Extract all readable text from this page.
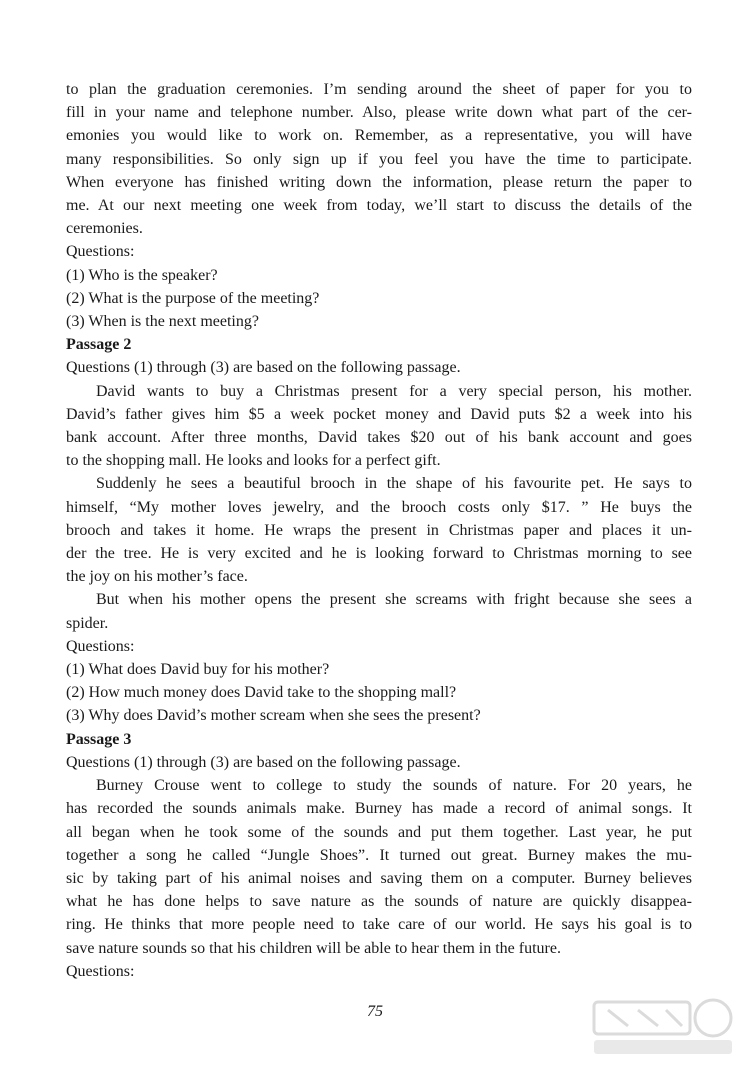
to plan the graduation ceremonies. I’m sending around the sheet of paper for you to
fill in your name and telephone number. Also, please write down what part of the cer-
emonies you would like to work on. Remember, as a representative, you will have
many responsibilities. So only sign up if you feel you have the time to participate.
When everyone has finished writing down the information, please return the paper to
me. At our next meeting one week from today, we’ll start to discuss the details of the
ceremonies.
Questions:
(1) Who is the speaker?
(2) What is the purpose of the meeting?
(3) When is the next meeting?
Passage 2
Questions (1) through (3) are based on the following passage.
David wants to buy a Christmas present for a very special person, his mother.
David’s father gives him $5 a week pocket money and David puts $2 a week into his
bank account. After three months, David takes $20 out of his bank account and goes
to the shopping mall. He looks and looks for a perfect gift.
Suddenly he sees a beautiful brooch in the shape of his favourite pet. He says to
himself, “My mother loves jewelry, and the brooch costs only $17. ” He buys the
brooch and takes it home. He wraps the present in Christmas paper and places it un-
der the tree. He is very excited and he is looking forward to Christmas morning to see
the joy on his mother’s face.
But when his mother opens the present she screams with fright because she sees a
spider.
Questions:
(1) What does David buy for his mother?
(2) How much money does David take to the shopping mall?
(3) Why does David’s mother scream when she sees the present?
Passage 3
Questions (1) through (3) are based on the following passage.
Burney Crouse went to college to study the sounds of nature. For 20 years, he
has recorded the sounds animals make. Burney has made a record of animal songs. It
all began when he took some of the sounds and put them together. Last year, he put
together a song he called “Jungle Shoes”. It turned out great. Burney makes the mu-
sic by taking part of his animal noises and saving them on a computer. Burney believes
what he has done helps to save nature as the sounds of nature are quickly disappea-
ring. He thinks that more people need to take care of our world. He says his goal is to
save nature sounds so that his children will be able to hear them in the future.
Questions:
75
